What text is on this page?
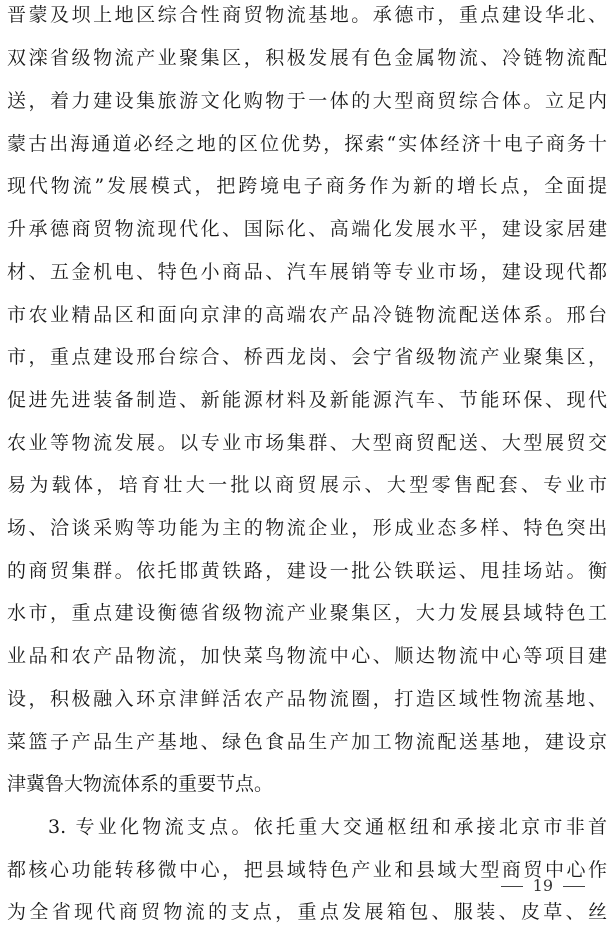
晋蒙及坝上地区综合性商贸物流基地。承德市，重点建设华北、
双滦省级物流产业聚集区，积极发展有色金属物流、冷链物流配
送，着力建设集旅游文化购物于一体的大型商贸综合体。立足内
蒙古出海通道必经之地的区位优势，探索“实体经济十电子商务十
现代物流”发展模式，把跨境电子商务作为新的增长点，全面提
升承德商贸物流现代化、国际化、高端化发展水平，建设家居建
材、五金机电、特色小商品、汽车展销等专业市场，建设现代都
市农业精品区和面向京津的高端农产品冷链物流配送体系。邢台
市，重点建设邢台综合、桥西龙岗、会宁省级物流产业聚集区，
促进先进装备制造、新能源材料及新能源汽车、节能环保、现代
农业等物流发展。以专业市场集群、大型商贸配送、大型展贸交
易为载体，培育壮大一批以商贸展示、大型零售配套、专业市
场、洽谈采购等功能为主的物流企业，形成业态多样、特色突出
的商贸集群。依托邯黄铁路，建设一批公铁联运、甩挂场站。衡
水市，重点建设衡德省级物流产业聚集区，大力发展县域特色工
业品和农产品物流，加快菜鸟物流中心、顺达物流中心等项目建
设，积极融入环京津鲜活农产品物流圈，打造区域性物流基地、
菜篮子产品生产基地、绿色食品生产加工物流配送基地，建设京
津冀鲁大物流体系的重要节点。
3. 专业化物流支点。依托重大交通枢纽和承接北京市非首
都核心功能转移微中心，把县域特色产业和县域大型商贸中心作
为全省现代商贸物流的支点，重点发展箱包、服装、皮草、丝
19
